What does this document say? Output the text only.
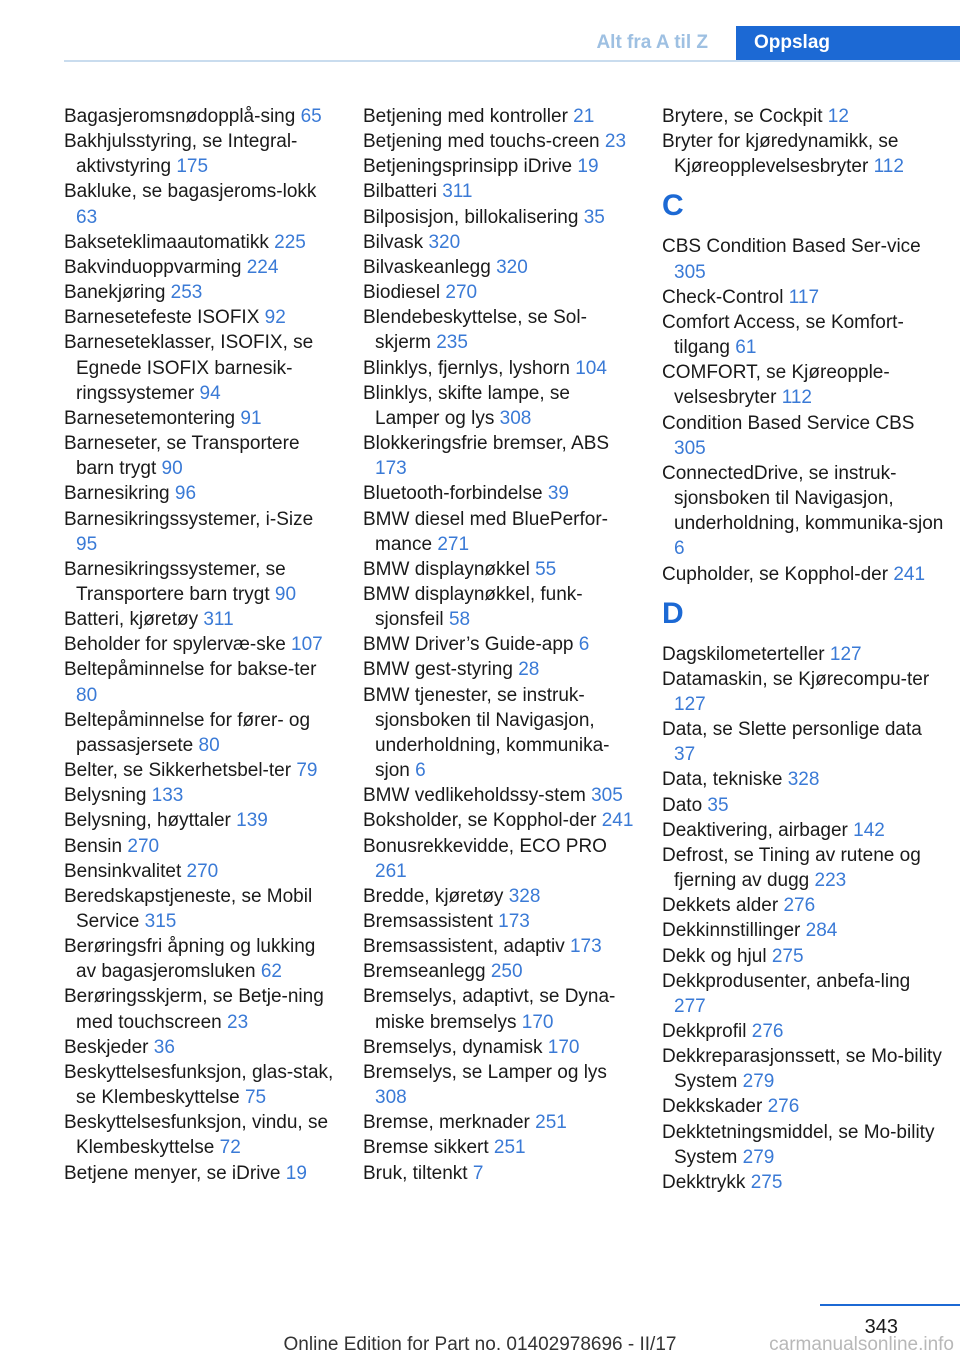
Alt fra A til Z	Oppslag
Bagasjeromsnødopplå-sing 65
Bakhjulsstyring, se Integral-aktivstyring 175
Bakluke, se bagasjeroms-lokk 63
Bakseteklimaautomatikk 225
Bakvinduoppvarming 224
Banekjøring 253
Barnesetefeste ISOFIX 92
Barneseteklasser, ISOFIX, se Egnede ISOFIX barnesik-ringssystemer 94
Barnesetemontering 91
Barneseter, se Transportere barn trygt 90
Barnesikring 96
Barnesikringssystemer, i-Size 95
Barnesikringssystemer, se Transportere barn trygt 90
Batteri, kjøretøy 311
Beholder for spylervæ-ske 107
Beltepåminnelse for bakse-ter 80
Beltepåminnelse for fører- og passasjersete 80
Belter, se Sikkerhetsbel-ter 79
Belysning 133
Belysning, høyttaler 139
Bensin 270
Bensinkvalitet 270
Beredskapstjeneste, se Mobil Service 315
Berøringsfri åpning og lukking av bagasjeromsluken 62
Berøringsskjerm, se Betje-ning med touchscreen 23
Beskjeder 36
Beskyttelsesfunksjon, glas-stak, se Klembeskyttelse 75
Beskyttelsesfunksjon, vindu, se Klembeskyttelse 72
Betjene menyer, se iDrive 19
Betjening med kontroller 21
Betjening med touchs-creen 23
Betjeningsprinsipp iDrive 19
Bilbatteri 311
Bilposisjon, billokalisering 35
Bilvask 320
Bilvaskeanlegg 320
Biodiesel 270
Blendebeskyttelse, se Sol-skjerm 235
Blinklys, fjernlys, lyshorn 104
Blinklys, skifte lampe, se Lamper og lys 308
Blokkeringsfrie bremser, ABS 173
Bluetooth-forbindelse 39
BMW diesel med BluePerfor-mance 271
BMW displaynøkkel 55
BMW displaynøkkel, funk-sjonsfeil 58
BMW Driver’s Guide-app 6
BMW gest-styring 28
BMW tjenester, se instruk-sjonsboken til Navigasjon, underholdning, kommunika-sjon 6
BMW vedlikeholdssy-stem 305
Boksholder, se Kopphol-der 241
Bonusrekkevidde, ECO PRO 261
Bredde, kjøretøy 328
Bremsassistent 173
Bremsassistent, adaptiv 173
Bremseanlegg 250
Bremselys, adaptivt, se Dyna-miske bremselys 170
Bremselys, dynamisk 170
Bremselys, se Lamper og lys 308
Bremse, merknader 251
Bremse sikkert 251
Bruk, tiltenkt 7
Brytere, se Cockpit 12
Bryter for kjøredynamikk, se Kjøreopplevelsesbryter 112
C
CBS Condition Based Ser-vice 305
Check-Control 117
Comfort Access, se Komfort-tilgang 61
COMFORT, se Kjøreopple-velsesbryter 112
Condition Based Service CBS 305
ConnectedDrive, se instruk-sjonsboken til Navigasjon, underholdning, kommunika-sjon 6
Cupholder, se Kopphol-der 241
D
Dagskilometerteller 127
Datamaskin, se Kjørecompu-ter 127
Data, se Slette personlige data 37
Data, tekniske 328
Dato 35
Deaktivering, airbager 142
Defrost, se Tining av rutene og fjerning av dugg 223
Dekkets alder 276
Dekkinnstillinger 284
Dekk og hjul 275
Dekkprodusenter, anbefa-ling 277
Dekkprofil 276
Dekkreparasjonssett, se Mo-bility System 279
Dekkskader 276
Dekktetningsmiddel, se Mo-bility System 279
Dekktrykk 275
343
Online Edition for Part no. 01402978696 - II/17	carmanualsonline.info
